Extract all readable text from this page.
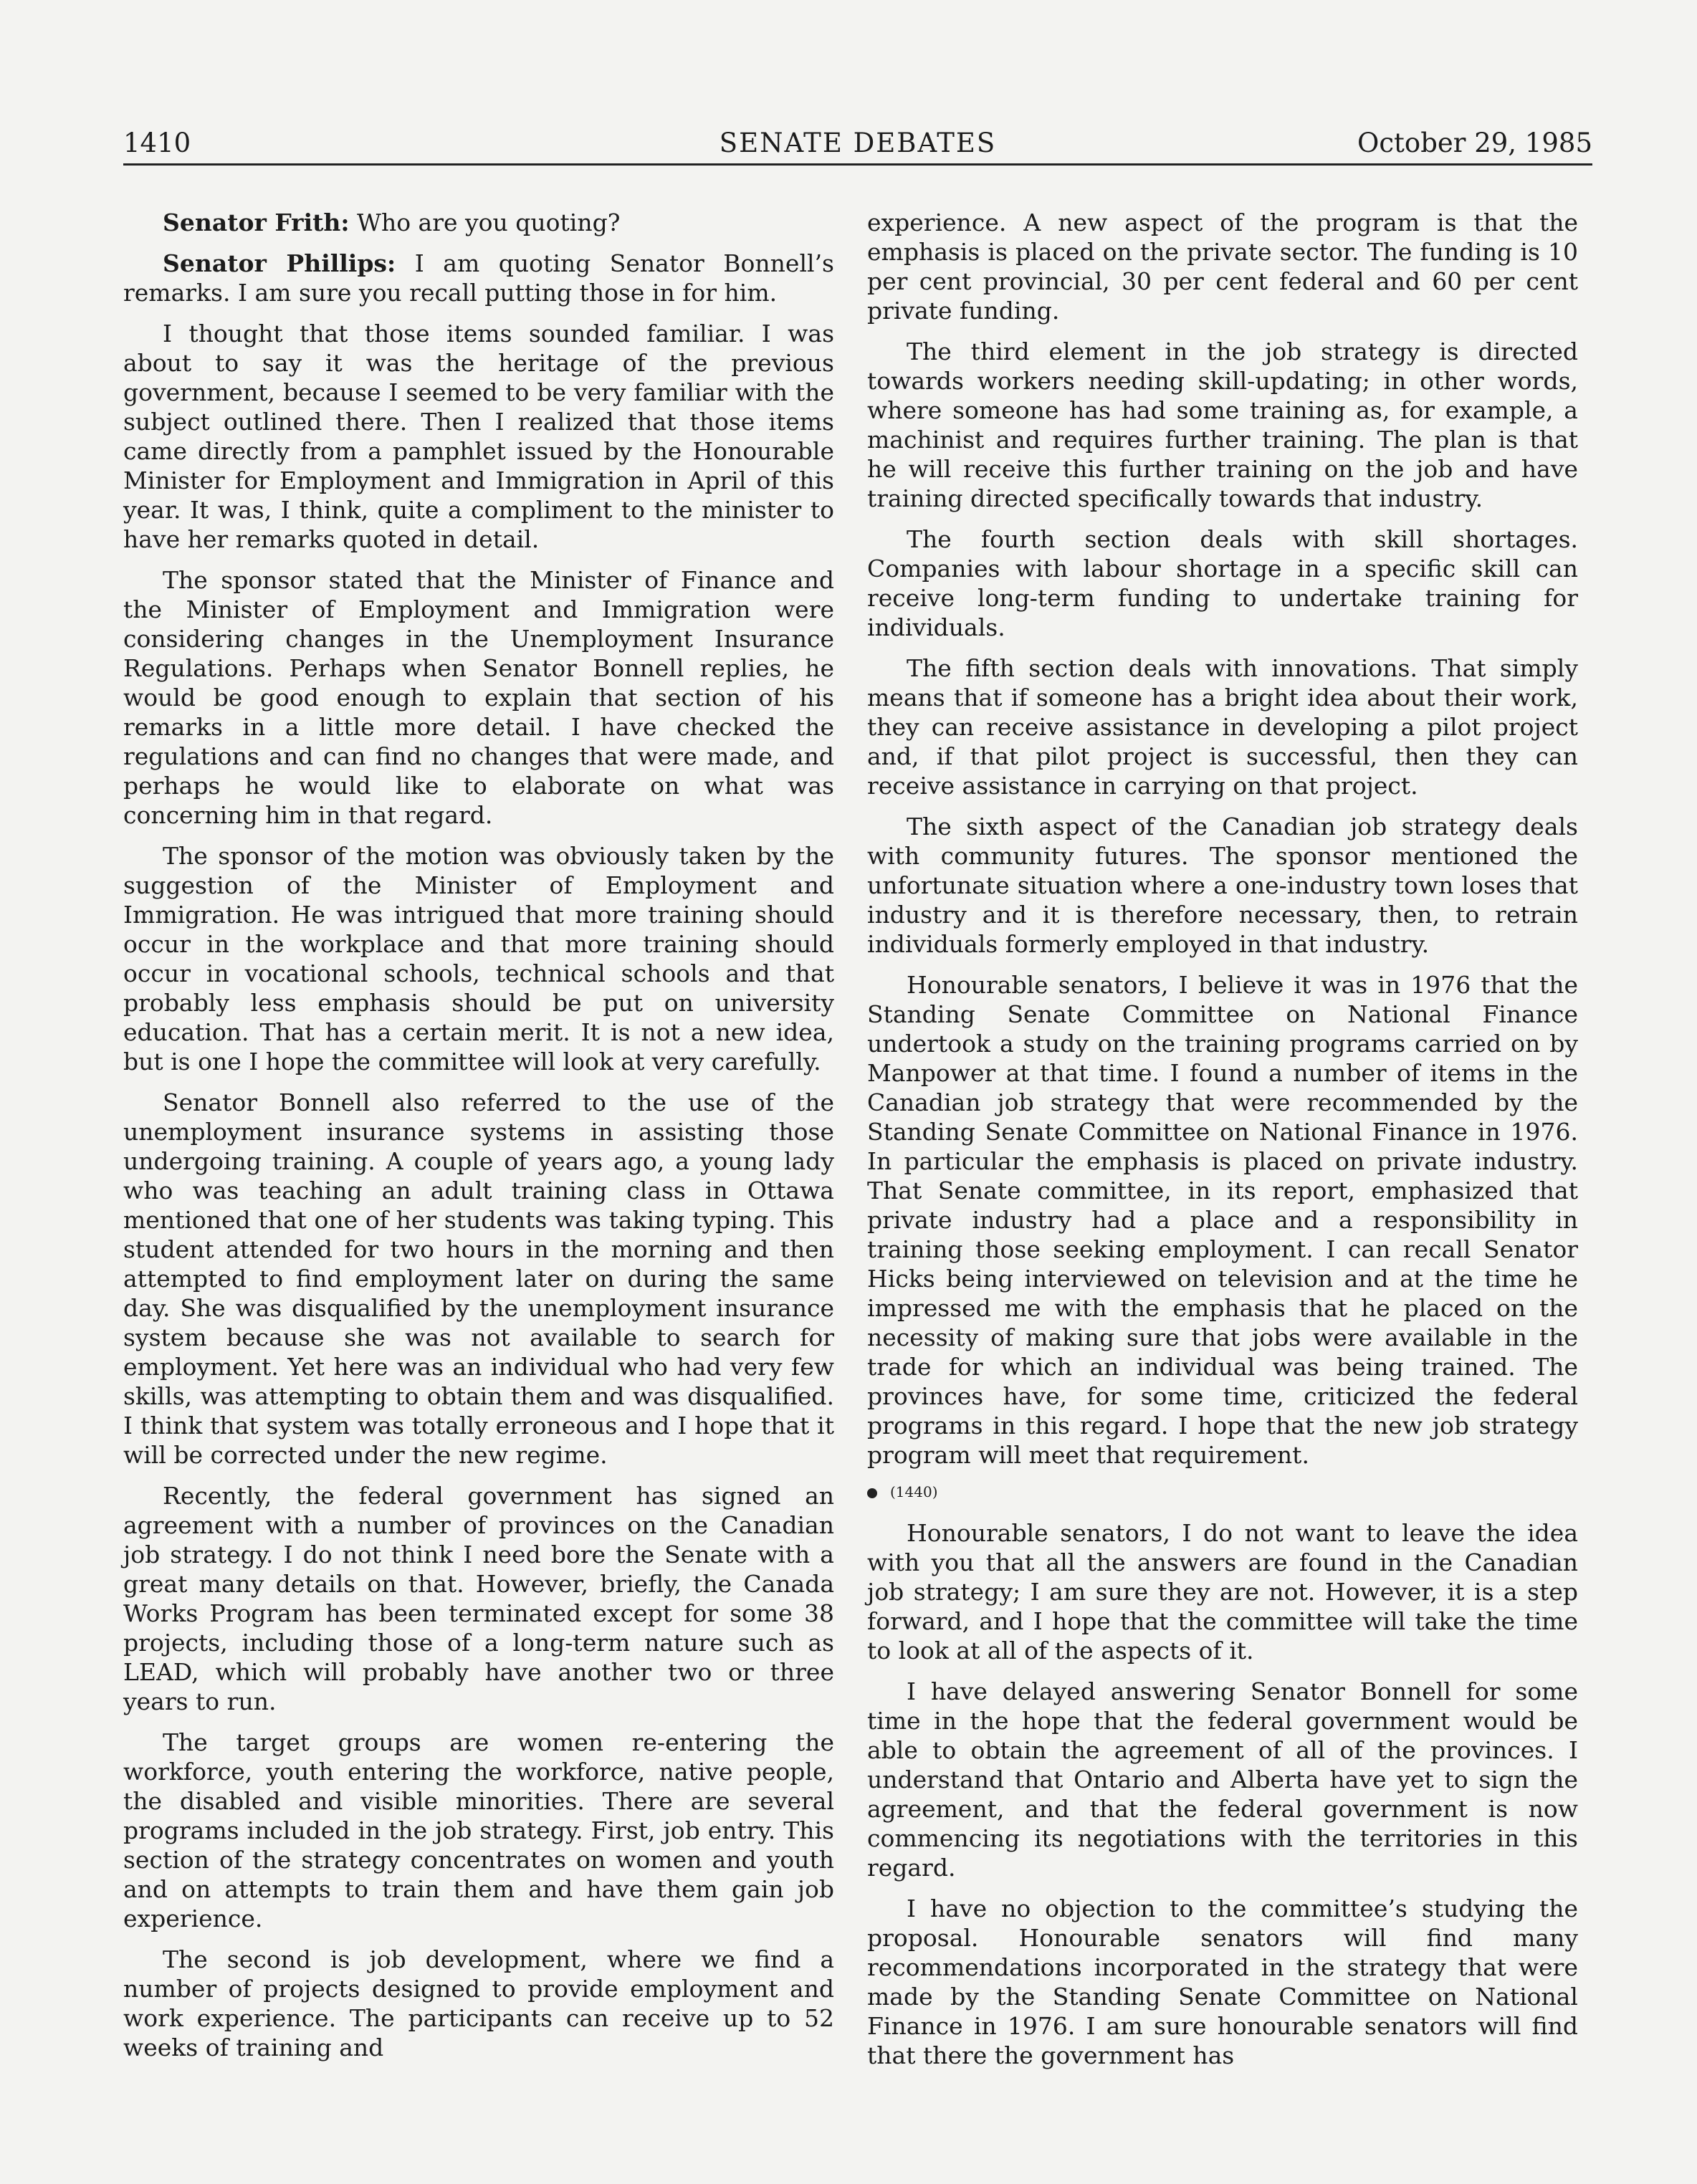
1410	SENATE DEBATES	October 29, 1985

Senator Frith: Who are you quoting?

Senator Phillips: I am quoting Senator Bonnell’s remarks. I am sure you recall putting those in for him.

I thought that those items sounded familiar. I was about to say it was the heritage of the previous government, because I seemed to be very familiar with the subject outlined there. Then I realized that those items came directly from a pamphlet issued by the Honourable Minister for Employment and Immigration in April of this year. It was, I think, quite a compliment to the minister to have her remarks quoted in detail.

The sponsor stated that the Minister of Finance and the Minister of Employment and Immigration were considering changes in the Unemployment Insurance Regulations. Perhaps when Senator Bonnell replies, he would be good enough to explain that section of his remarks in a little more detail. I have checked the regulations and can find no changes that were made, and perhaps he would like to elaborate on what was concerning him in that regard.

The sponsor of the motion was obviously taken by the suggestion of the Minister of Employment and Immigration. He was intrigued that more training should occur in the workplace and that more training should occur in vocational schools, technical schools and that probably less emphasis should be put on university education. That has a certain merit. It is not a new idea, but is one I hope the committee will look at very carefully.

Senator Bonnell also referred to the use of the unemployment insurance systems in assisting those undergoing training. A couple of years ago, a young lady who was teaching an adult training class in Ottawa mentioned that one of her students was taking typing. This student attended for two hours in the morning and then attempted to find employment later on during the same day. She was disqualified by the unemployment insurance system because she was not available to search for employment. Yet here was an individual who had very few skills, was attempting to obtain them and was disqualified. I think that system was totally erroneous and I hope that it will be corrected under the new regime.

Recently, the federal government has signed an agreement with a number of provinces on the Canadian job strategy. I do not think I need bore the Senate with a great many details on that. However, briefly, the Canada Works Program has been terminated except for some 38 projects, including those of a long-term nature such as LEAD, which will probably have another two or three years to run.

The target groups are women re-entering the workforce, youth entering the workforce, native people, the disabled and visible minorities. There are several programs included in the job strategy. First, job entry. This section of the strategy concentrates on women and youth and on attempts to train them and have them gain job experience.

The second is job development, where we find a number of projects designed to provide employment and work experience. The participants can receive up to 52 weeks of training and

experience. A new aspect of the program is that the emphasis is placed on the private sector. The funding is 10 per cent provincial, 30 per cent federal and 60 per cent private funding.

The third element in the job strategy is directed towards workers needing skill-updating; in other words, where someone has had some training as, for example, a machinist and requires further training. The plan is that he will receive this further training on the job and have training directed specifically towards that industry.

The fourth section deals with skill shortages. Companies with labour shortage in a specific skill can receive long-term funding to undertake training for individuals.

The fifth section deals with innovations. That simply means that if someone has a bright idea about their work, they can receive assistance in developing a pilot project and, if that pilot project is successful, then they can receive assistance in carrying on that project.

The sixth aspect of the Canadian job strategy deals with community futures. The sponsor mentioned the unfortunate situation where a one-industry town loses that industry and it is therefore necessary, then, to retrain individuals formerly employed in that industry.

Honourable senators, I believe it was in 1976 that the Standing Senate Committee on National Finance undertook a study on the training programs carried on by Manpower at that time. I found a number of items in the Canadian job strategy that were recommended by the Standing Senate Committee on National Finance in 1976. In particular the emphasis is placed on private industry. That Senate committee, in its report, emphasized that private industry had a place and a responsibility in training those seeking employment. I can recall Senator Hicks being interviewed on television and at the time he impressed me with the emphasis that he placed on the necessity of making sure that jobs were available in the trade for which an individual was being trained. The provinces have, for some time, criticized the federal programs in this regard. I hope that the new job strategy program will meet that requirement.

(1440)

Honourable senators, I do not want to leave the idea with you that all the answers are found in the Canadian job strategy; I am sure they are not. However, it is a step forward, and I hope that the committee will take the time to look at all of the aspects of it.

I have delayed answering Senator Bonnell for some time in the hope that the federal government would be able to obtain the agreement of all of the provinces. I understand that Ontario and Alberta have yet to sign the agreement, and that the federal government is now commencing its negotiations with the territories in this regard.

I have no objection to the committee’s studying the proposal. Honourable senators will find many recommendations incorporated in the strategy that were made by the Standing Senate Committee on National Finance in 1976. I am sure honourable senators will find that there the government has
